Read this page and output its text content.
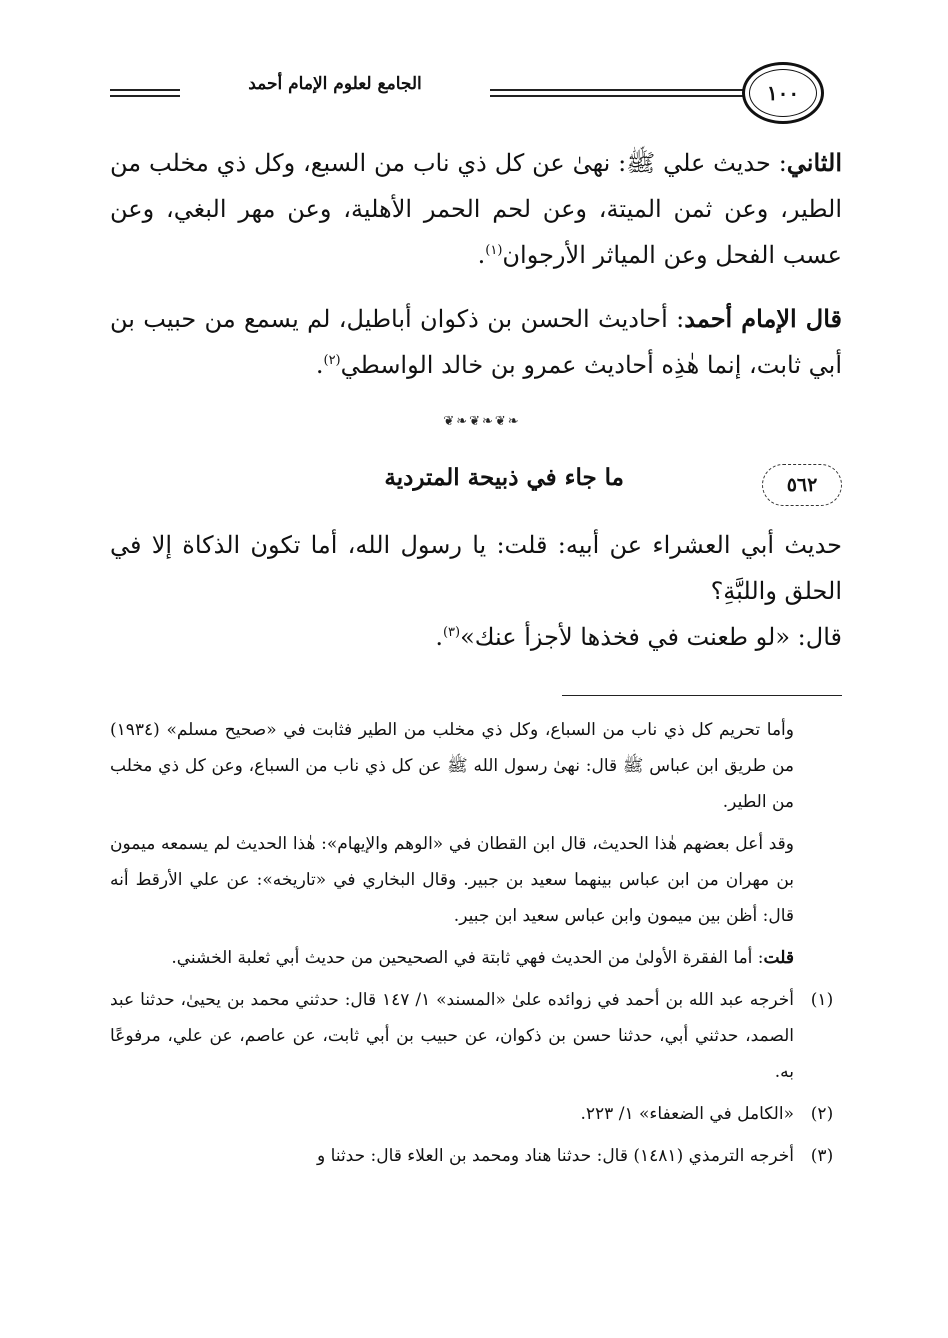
الجامع لعلوم الإمام أحمد	١٠٠

الثاني: حديث علي ﷺ: نهىٰ عن كل ذي ناب من السبع، وكل ذي مخلب من الطير، وعن ثمن الميتة، وعن لحم الحمر الأهلية، وعن مهر البغي، وعن عسب الفحل وعن المياثر الأرجوان$^{(١)}$.

قال الإمام أحمد: أحاديث الحسن بن ذكوان أباطيل، لم يسمع من حبيب بن أبي ثابت، إنما هٰذِه أحاديث عمرو بن خالد الواسطي$^{(٢)}$.

❦❧❦❧❦❧
٥٦٢
ما جاء في ذبيحة المتردية

حديث أبي العشراء عن أبيه: قلت: يا رسول الله، أما تكون الذكاة إلا في الحلق واللبَّةِ؟

قال: «لو طعنت في فخذها لأجزأ عنك»$^{(٣)}$.

وأما تحريم كل ذي ناب من السباع، وكل ذي مخلب من الطير فثابت في «صحيح مسلم» (١٩٣٤) من طريق ابن عباس ﷺ قال: نهىٰ رسول الله ﷺ عن كل ذي ناب من السباع، وعن كل ذي مخلب من الطير.

وقد أعل بعضهم هٰذا الحديث، قال ابن القطان في «الوهم والإيهام»: هٰذا الحديث لم يسمعه ميمون بن مهران من ابن عباس بينهما سعيد بن جبير. وقال البخاري في «تاريخه»: عن علي الأرقط أنه قال: أظن بين ميمون وابن عباس سعيد ابن جبير.

قلت: أما الفقرة الأولىٰ من الحديث فهي ثابتة في الصحيحين من حديث أبي ثعلبة الخشني.

(١)
أخرجه عبد الله بن أحمد في زوائده علىٰ «المسند» ١/ ١٤٧ قال: حدثني محمد بن يحيىٰ، حدثنا عبد الصمد، حدثني أبي، حدثنا حسن بن ذكوان، عن حبيب بن أبي ثابت، عن عاصم، عن علي، مرفوعًا به.

(٢)
«الكامل في الضعفاء» ١/ ٢٢٣.

(٣)
أخرجه الترمذي (١٤٨١) قال: حدثنا هناد ومحمد بن العلاء قال: حدثنا و
